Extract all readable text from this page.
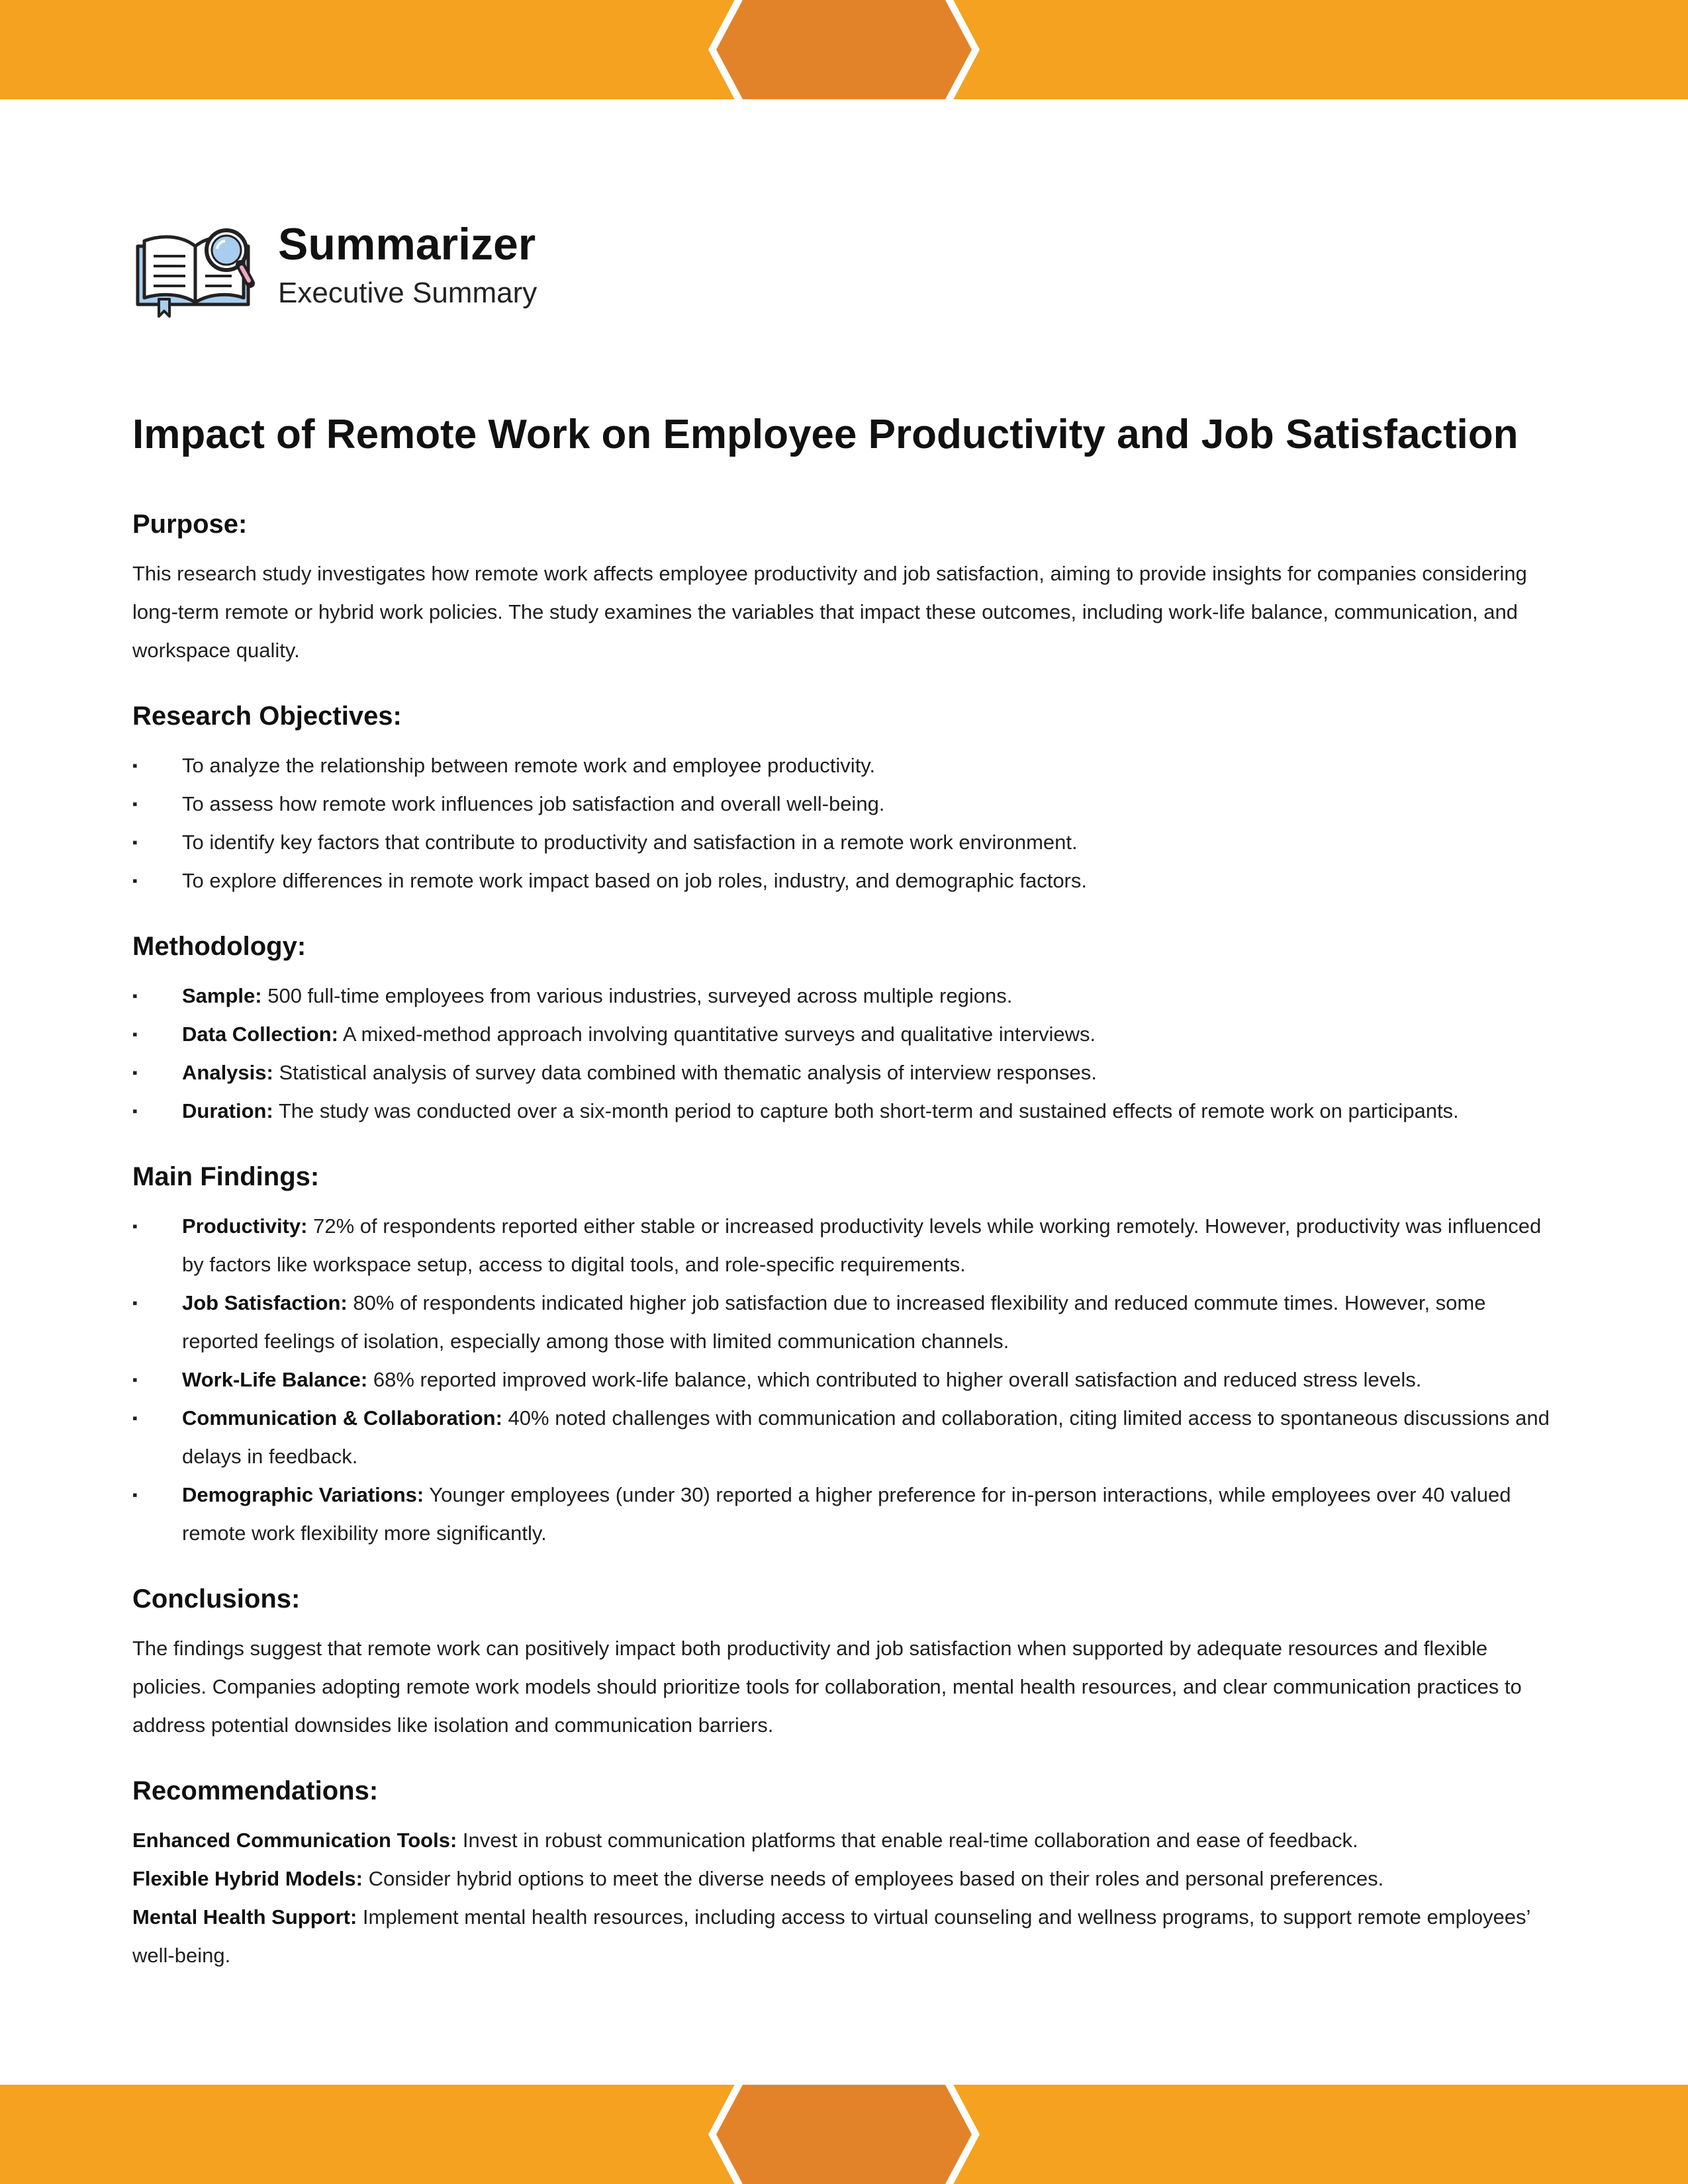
Summarizer
Executive Summary
Impact of Remote Work on Employee Productivity and Job Satisfaction
Purpose:

This research study investigates how remote work affects employee productivity and job satisfaction, aiming to provide insights for companies considering long-term remote or hybrid work policies. The study examines the variables that impact these outcomes, including work-life balance, communication, and workspace quality.

Research Objectives:
▪ To analyze the relationship between remote work and employee productivity.
▪ To assess how remote work influences job satisfaction and overall well-being.
▪ To identify key factors that contribute to productivity and satisfaction in a remote work environment.
▪ To explore differences in remote work impact based on job roles, industry, and demographic factors.
Methodology:
▪ Sample: 500 full-time employees from various industries, surveyed across multiple regions.
▪ Data Collection: A mixed-method approach involving quantitative surveys and qualitative interviews.
▪ Analysis: Statistical analysis of survey data combined with thematic analysis of interview responses.
▪ Duration: The study was conducted over a six-month period to capture both short-term and sustained effects of remote work on participants.
Main Findings:
▪ Productivity: 72% of respondents reported either stable or increased productivity levels while working remotely. However, productivity was influenced by factors like workspace setup, access to digital tools, and role-specific requirements.
▪ Job Satisfaction: 80% of respondents indicated higher job satisfaction due to increased flexibility and reduced commute times. However, some reported feelings of isolation, especially among those with limited communication channels.
▪ Work-Life Balance: 68% reported improved work-life balance, which contributed to higher overall satisfaction and reduced stress levels.
▪ Communication & Collaboration: 40% noted challenges with communication and collaboration, citing limited access to spontaneous discussions and delays in feedback.
▪ Demographic Variations: Younger employees (under 30) reported a higher preference for in-person interactions, while employees over 40 valued remote work flexibility more significantly.
Conclusions:

The findings suggest that remote work can positively impact both productivity and job satisfaction when supported by adequate resources and flexible policies. Companies adopting remote work models should prioritize tools for collaboration, mental health resources, and clear communication practices to address potential downsides like isolation and communication barriers.

Recommendations:
Enhanced Communication Tools: Invest in robust communication platforms that enable real-time collaboration and ease of feedback.
Flexible Hybrid Models: Consider hybrid options to meet the diverse needs of employees based on their roles and personal preferences.
Mental Health Support: Implement mental health resources, including access to virtual counseling and wellness programs, to support remote employees’ well-being.
